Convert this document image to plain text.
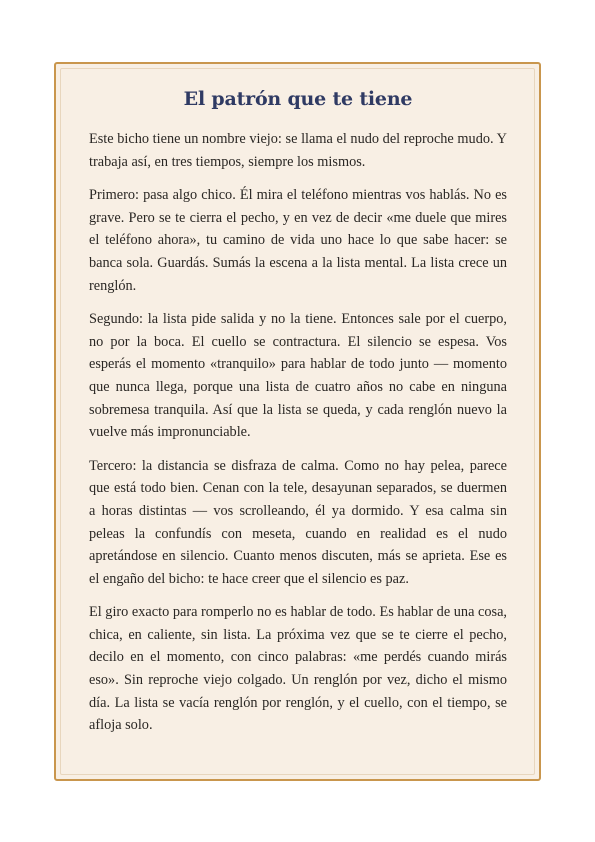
El patrón que te tiene

Este bicho tiene un nombre viejo: se llama el nudo del reproche mudo. Y trabaja así, en tres tiempos, siempre los mismos.

Primero: pasa algo chico. Él mira el teléfono mientras vos hablás. No es grave. Pero se te cierra el pecho, y en vez de decir «me duele que mires el teléfono ahora», tu camino de vida uno hace lo que sabe hacer: se banca sola. Guardás. Sumás la escena a la lista mental. La lista crece un renglón.

Segundo: la lista pide salida y no la tiene. Entonces sale por el cuerpo, no por la boca. El cuello se contractura. El silencio se espesa. Vos esperás el momento «tranquilo» para hablar de todo junto — momento que nunca llega, porque una lista de cuatro años no cabe en ninguna sobremesa tranquila. Así que la lista se queda, y cada renglón nuevo la vuelve más impronunciable.

Tercero: la distancia se disfraza de calma. Como no hay pelea, parece que está todo bien. Cenan con la tele, desayunan separados, se duermen a horas distintas — vos scrolleando, él ya dormido. Y esa calma sin peleas la confundís con meseta, cuando en realidad es el nudo apretándose en silencio. Cuanto menos discuten, más se aprieta. Ese es el engaño del bicho: te hace creer que el silencio es paz.

El giro exacto para romperlo no es hablar de todo. Es hablar de una cosa, chica, en caliente, sin lista. La próxima vez que se te cierre el pecho, decilo en el momento, con cinco palabras: «me perdés cuando mirás eso». Sin reproche viejo colgado. Un renglón por vez, dicho el mismo día. La lista se vacía renglón por renglón, y el cuello, con el tiempo, se afloja solo.
